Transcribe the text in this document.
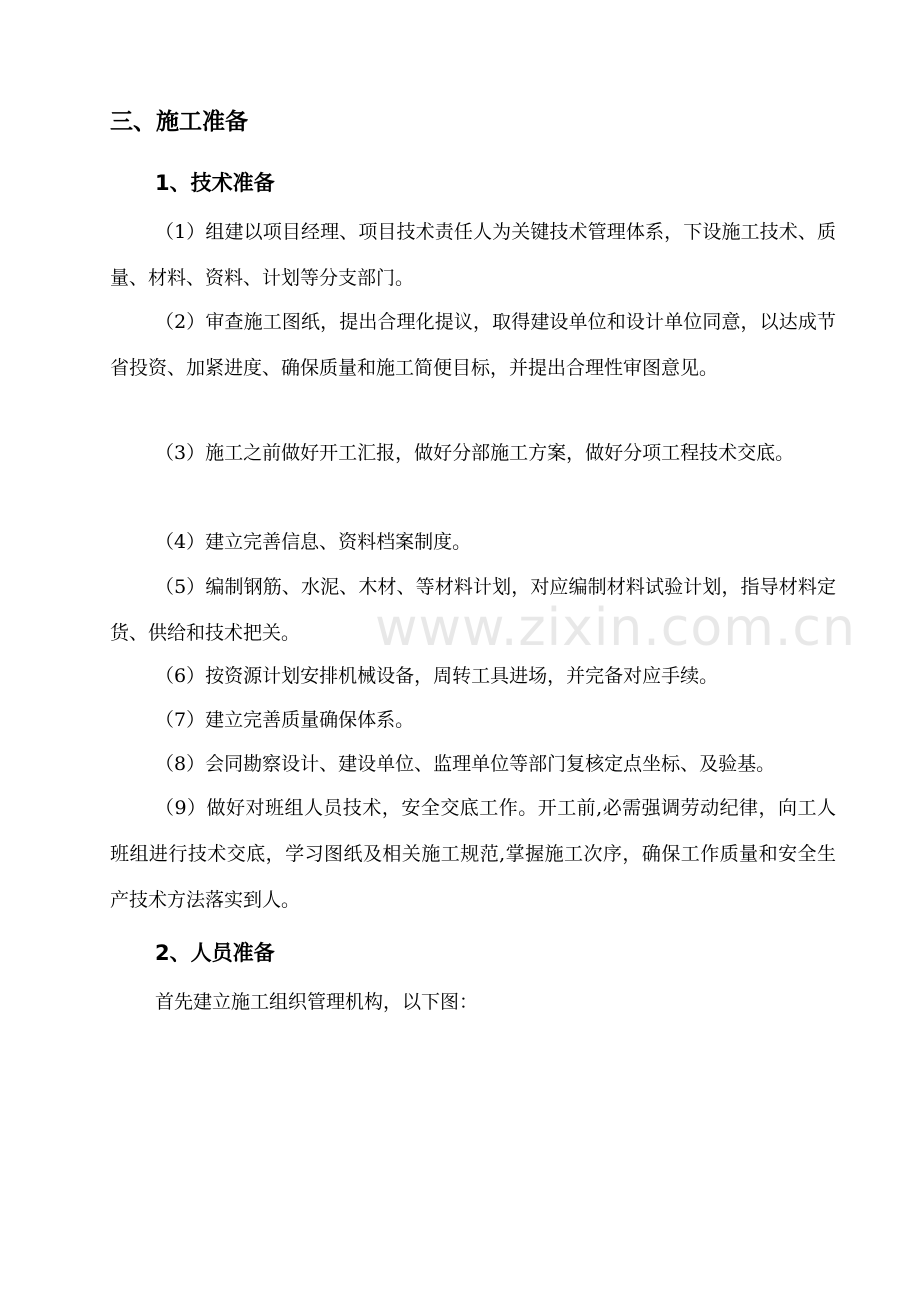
三、施工准备
1、技术准备

（1）组建以项目经理、项目技术责任人为关键技术管理体系，下设施工技术、质量、材料、资料、计划等分支部门。

（2）审查施工图纸，提出合理化提议，取得建设单位和设计单位同意，以达成节省投资、加紧进度、确保质量和施工简便目标，并提出合理性审图意见。

（3）施工之前做好开工汇报，做好分部施工方案，做好分项工程技术交底。

（4）建立完善信息、资料档案制度。

（5）编制钢筋、水泥、木材、等材料计划，对应编制材料试验计划，指导材料定货、供给和技术把关。

（6）按资源计划安排机械设备，周转工具进场，并完备对应手续。

（7）建立完善质量确保体系。

（8）会同勘察设计、建设单位、监理单位等部门复核定点坐标、及验基。

（9）做好对班组人员技术，安全交底工作。开工前,必需强调劳动纪律，向工人班组进行技术交底，学习图纸及相关施工规范,掌握施工次序，确保工作质量和安全生产技术方法落实到人。

2、人员准备

首先建立施工组织管理机构，以下图：

www.zixin.com.cn
